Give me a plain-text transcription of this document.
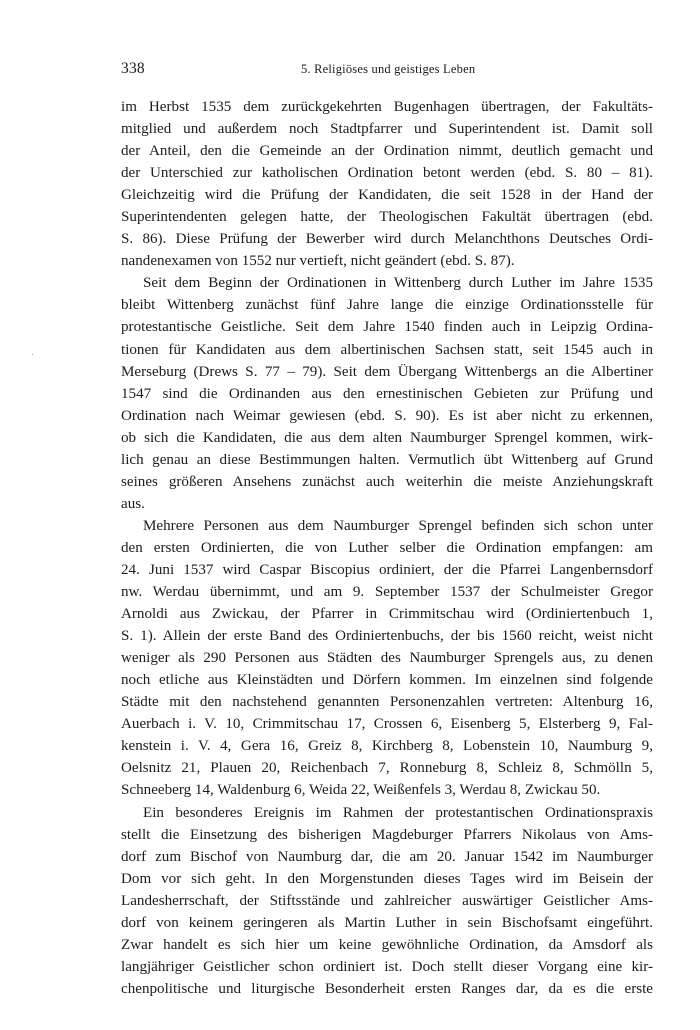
338	5. Religiöses und geistiges Leben
im Herbst 1535 dem zurückgekehrten Bugenhagen übertragen, der Fakultäts-
mitglied und außerdem noch Stadtpfarrer und Superintendent ist. Damit soll
der Anteil, den die Gemeinde an der Ordination nimmt, deutlich gemacht und
der Unterschied zur katholischen Ordination betont werden (ebd. S. 80 – 81).
Gleichzeitig wird die Prüfung der Kandidaten, die seit 1528 in der Hand der
Superintendenten gelegen hatte, der Theologischen Fakultät übertragen (ebd.
S. 86). Diese Prüfung der Bewerber wird durch Melanchthons Deutsches Ordi-
nandenexamen von 1552 nur vertieft, nicht geändert (ebd. S. 87).
Seit dem Beginn der Ordinationen in Wittenberg durch Luther im Jahre 1535
bleibt Wittenberg zunächst fünf Jahre lange die einzige Ordinationsstelle für
protestantische Geistliche. Seit dem Jahre 1540 finden auch in Leipzig Ordina-
tionen für Kandidaten aus dem albertinischen Sachsen statt, seit 1545 auch in
Merseburg (Drews S. 77 – 79). Seit dem Übergang Wittenbergs an die Albertiner
1547 sind die Ordinanden aus den ernestinischen Gebieten zur Prüfung und
Ordination nach Weimar gewiesen (ebd. S. 90). Es ist aber nicht zu erkennen,
ob sich die Kandidaten, die aus dem alten Naumburger Sprengel kommen, wirk-
lich genau an diese Bestimmungen halten. Vermutlich übt Wittenberg auf Grund
seines größeren Ansehens zunächst auch weiterhin die meiste Anziehungskraft
aus.
Mehrere Personen aus dem Naumburger Sprengel befinden sich schon unter
den ersten Ordinierten, die von Luther selber die Ordination empfangen: am
24. Juni 1537 wird Caspar Biscopius ordiniert, der die Pfarrei Langenbernsdorf
nw. Werdau übernimmt, und am 9. September 1537 der Schulmeister Gregor
Arnoldi aus Zwickau, der Pfarrer in Crimmitschau wird (Ordiniertenbuch 1,
S. 1). Allein der erste Band des Ordiniertenbuchs, der bis 1560 reicht, weist nicht
weniger als 290 Personen aus Städten des Naumburger Sprengels aus, zu denen
noch etliche aus Kleinstädten und Dörfern kommen. Im einzelnen sind folgende
Städte mit den nachstehend genannten Personenzahlen vertreten: Altenburg 16,
Auerbach i. V. 10, Crimmitschau 17, Crossen 6, Eisenberg 5, Elsterberg 9, Fal-
kenstein i. V. 4, Gera 16, Greiz 8, Kirchberg 8, Lobenstein 10, Naumburg 9,
Oelsnitz 21, Plauen 20, Reichenbach 7, Ronneburg 8, Schleiz 8, Schmölln 5,
Schneeberg 14, Waldenburg 6, Weida 22, Weißenfels 3, Werdau 8, Zwickau 50.
Ein besonderes Ereignis im Rahmen der protestantischen Ordinationspraxis
stellt die Einsetzung des bisherigen Magdeburger Pfarrers Nikolaus von Ams-
dorf zum Bischof von Naumburg dar, die am 20. Januar 1542 im Naumburger
Dom vor sich geht. In den Morgenstunden dieses Tages wird im Beisein der
Landesherrschaft, der Stiftsstände und zahlreicher auswärtiger Geistlicher Ams-
dorf von keinem geringeren als Martin Luther in sein Bischofsamt eingeführt.
Zwar handelt es sich hier um keine gewöhnliche Ordination, da Amsdorf als
langjähriger Geistlicher schon ordiniert ist. Doch stellt dieser Vorgang eine kir-
chenpolitische und liturgische Besonderheit ersten Ranges dar, da es die erste
